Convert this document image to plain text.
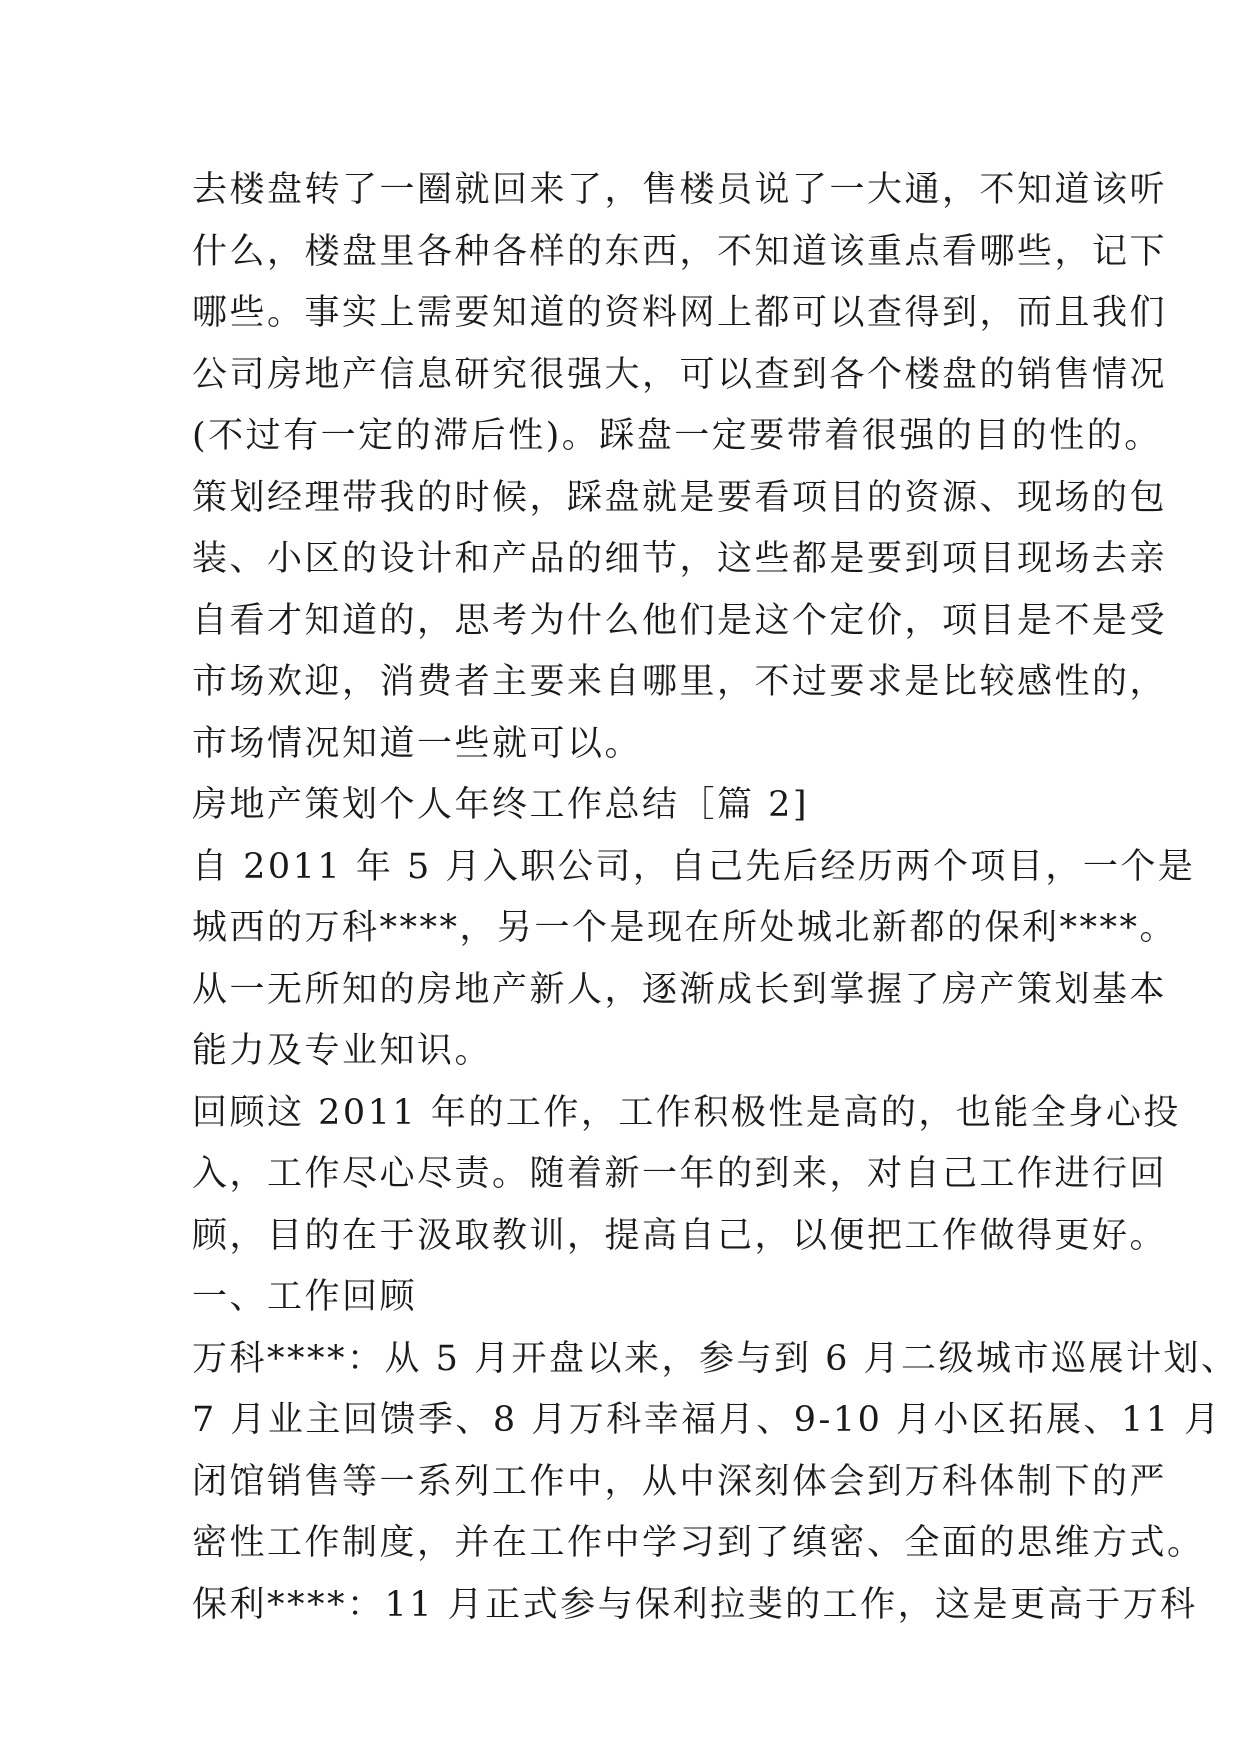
去楼盘转了一圈就回来了，售楼员说了一大通，不知道该听
什么，楼盘里各种各样的东西，不知道该重点看哪些，记下
哪些。事实上需要知道的资料网上都可以查得到，而且我们
公司房地产信息研究很强大，可以查到各个楼盘的销售情况
(不过有一定的滞后性)。踩盘一定要带着很强的目的性的。
策划经理带我的时候，踩盘就是要看项目的资源、现场的包
装、小区的设计和产品的细节，这些都是要到项目现场去亲
自看才知道的，思考为什么他们是这个定价，项目是不是受
市场欢迎，消费者主要来自哪里，不过要求是比较感性的，
市场情况知道一些就可以。
房地产策划个人年终工作总结［篇 2]
自 2011 年 5 月入职公司，自己先后经历两个项目，一个是
城西的万科****，另一个是现在所处城北新都的保利****。
从一无所知的房地产新人，逐渐成长到掌握了房产策划基本
能力及专业知识。
回顾这 2011 年的工作，工作积极性是高的，也能全身心投
入，工作尽心尽责。随着新一年的到来，对自己工作进行回
顾，目的在于汲取教训，提高自己，以便把工作做得更好。
一、工作回顾
万科****：从 5 月开盘以来，参与到 6 月二级城市巡展计划、
7 月业主回馈季、8 月万科幸福月、9-10 月小区拓展、11 月
闭馆销售等一系列工作中，从中深刻体会到万科体制下的严
密性工作制度，并在工作中学习到了缜密、全面的思维方式。
保利****：11 月正式参与保利拉斐的工作，这是更高于万科
